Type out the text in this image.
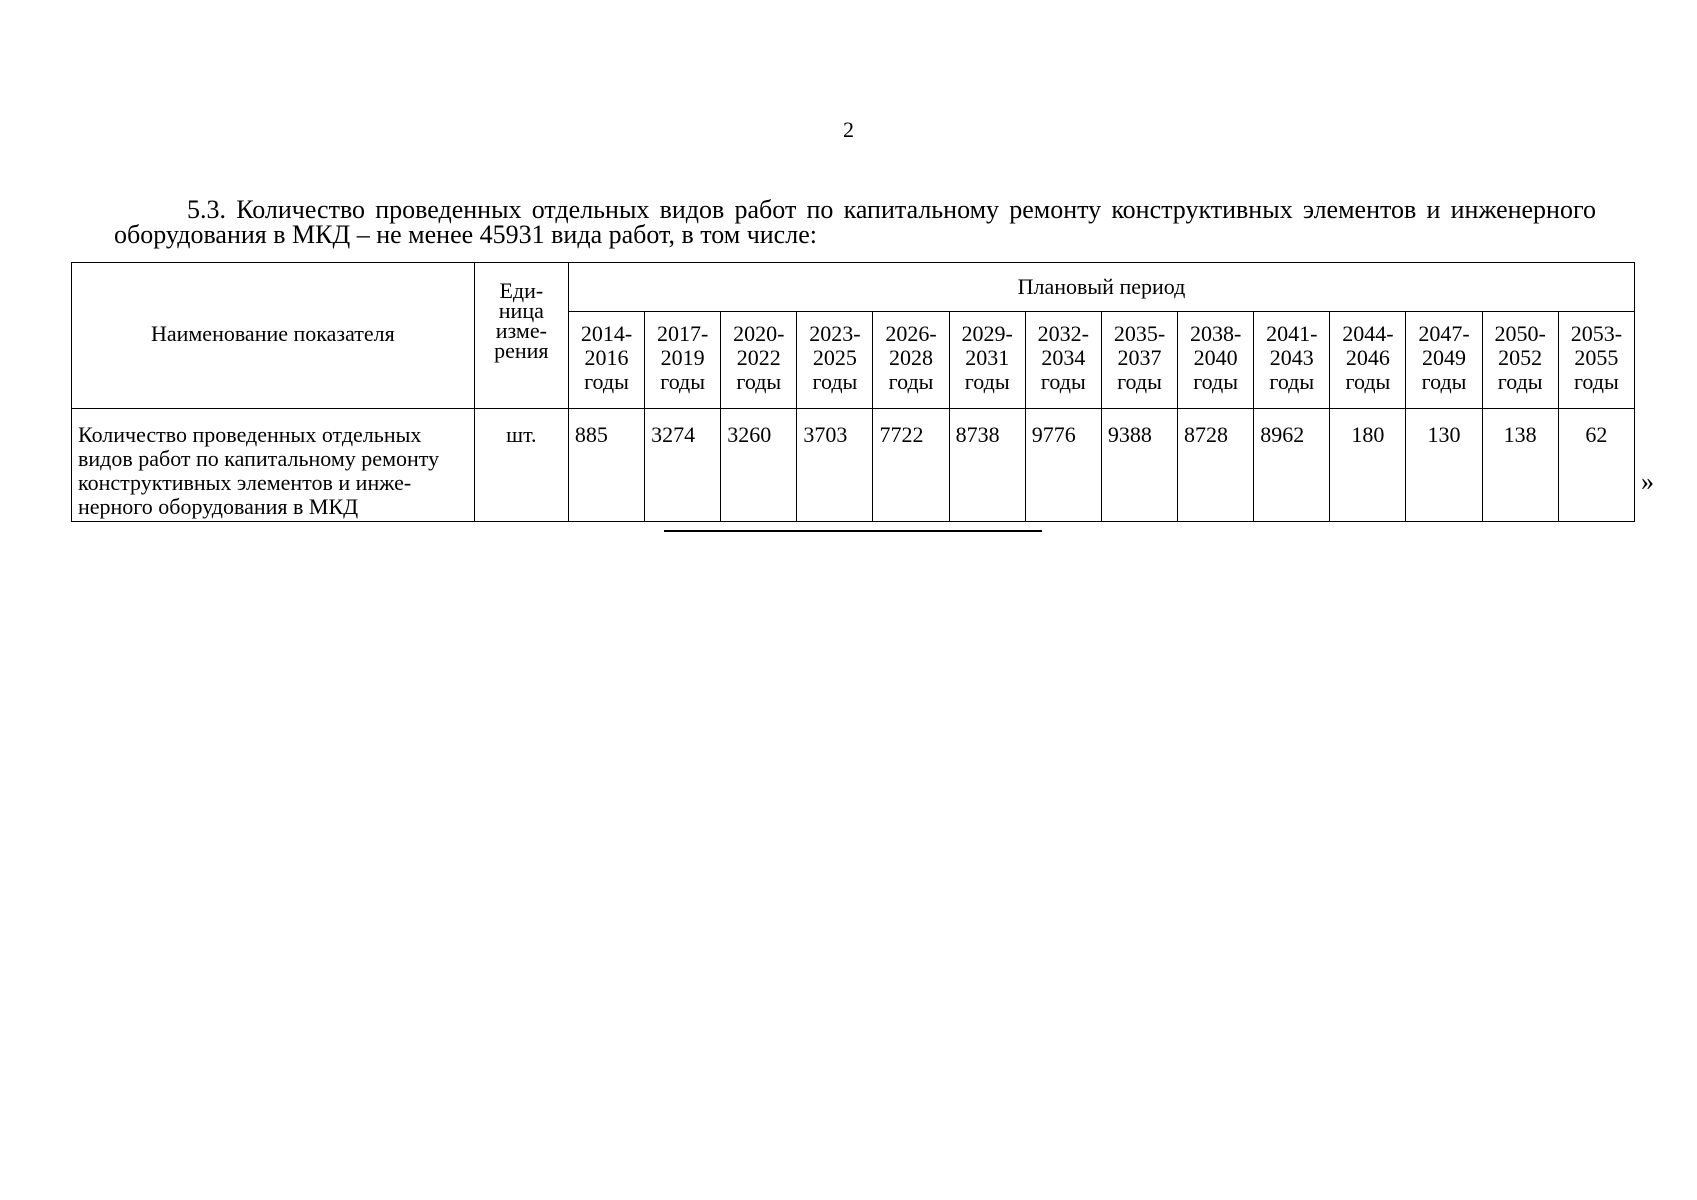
2
5.3. Количество проведенных отдельных видов работ по капитальному ремонту конструктивных элементов и инженерного оборудования в МКД – не менее 45931 вида работ, в том числе:
Наименование показателя	Еди-
ница
изме-
рения	Плановый период													

		2014-
2016
годы	2017-
2019
годы	2020-
2022
годы	2023-
2025
годы	2026-
2028
годы	2029-
2031
годы	2032-
2034
годы	2035-
2037
годы	2038-
2040
годы	2041-
2043
годы	2044-
2046
годы	2047-
2049
годы	2050-
2052
годы	2053-
2055
годы

Количество проведенных отдельных
видов работ по капитальному ремонту
конструктивных элементов и инже-
нерного оборудования в МКД	шт.	885	3274	3260	3703	7722	8738	9776	9388	8728	8962	180	130	138	62
»
